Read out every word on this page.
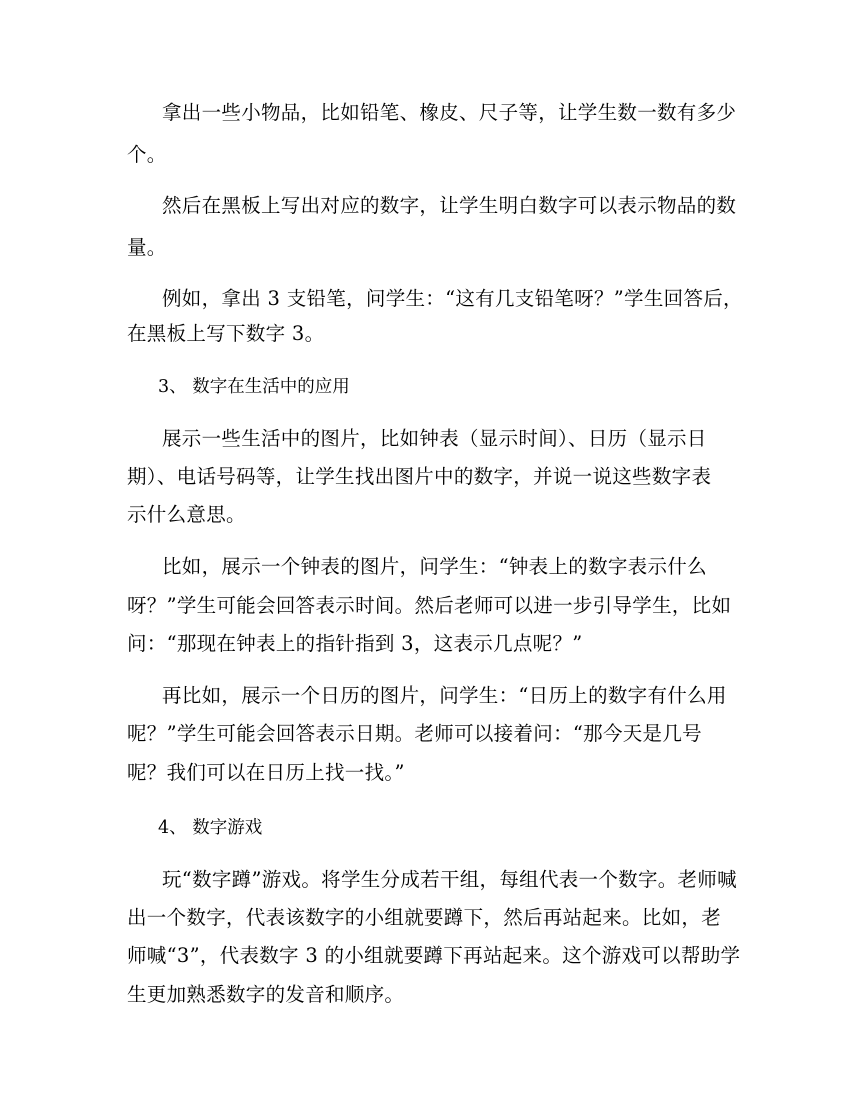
拿出一些小物品，比如铅笔、橡皮、尺子等，让学生数一数有多少
个。
然后在黑板上写出对应的数字，让学生明白数字可以表示物品的数
量。
例如，拿出 3 支铅笔，问学生：“这有几支铅笔呀？”学生回答后，
在黑板上写下数字 3。
3、 数字在生活中的应用
展示一些生活中的图片，比如钟表（显示时间）、日历（显示日
期）、电话号码等，让学生找出图片中的数字，并说一说这些数字表
示什么意思。
比如，展示一个钟表的图片，问学生：“钟表上的数字表示什么
呀？”学生可能会回答表示时间。然后老师可以进一步引导学生，比如
问：“那现在钟表上的指针指到 3，这表示几点呢？”
再比如，展示一个日历的图片，问学生：“日历上的数字有什么用
呢？”学生可能会回答表示日期。老师可以接着问：“那今天是几号
呢？我们可以在日历上找一找。”
4、 数字游戏
玩“数字蹲”游戏。将学生分成若干组，每组代表一个数字。老师喊
出一个数字，代表该数字的小组就要蹲下，然后再站起来。比如，老
师喊“3”，代表数字 3 的小组就要蹲下再站起来。这个游戏可以帮助学
生更加熟悉数字的发音和顺序。
